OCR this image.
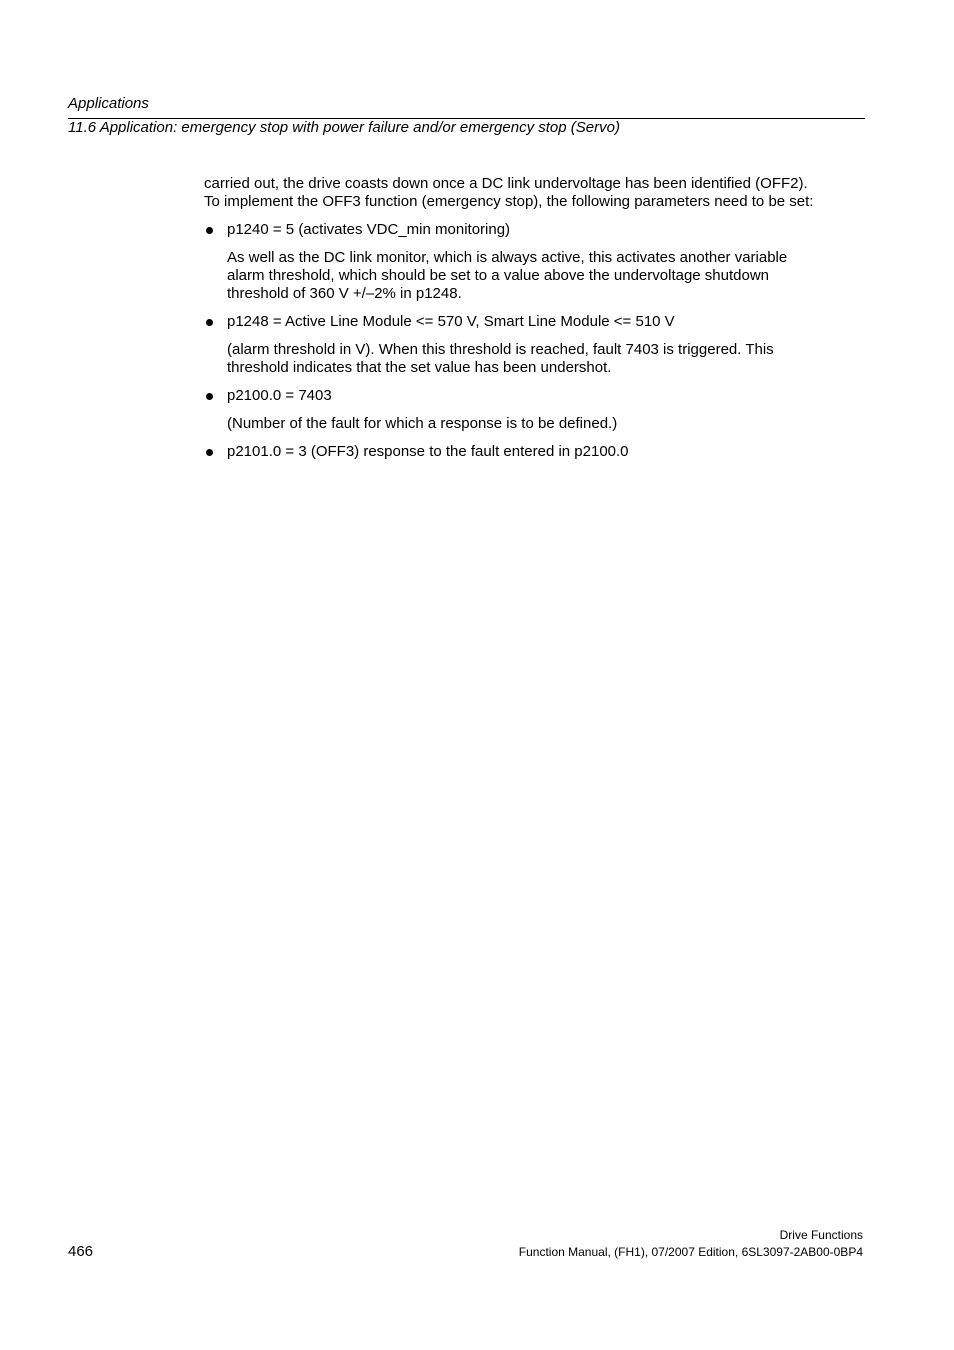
Applications
11.6 Application: emergency stop with power failure and/or emergency stop (Servo)

carried out, the drive coasts down once a DC link undervoltage has been identified (OFF2).

To implement the OFF3 function (emergency stop), the following parameters need to be set:

p1240 = 5 (activates VDC_min monitoring)
As well as the DC link monitor, which is always active, this activates another variable
alarm threshold, which should be set to a value above the undervoltage shutdown
threshold of 360 V +/–2% in p1248.
p1248 = Active Line Module <= 570 V, Smart Line Module <= 510 V
(alarm threshold in V). When this threshold is reached, fault 7403 is triggered. This
threshold indicates that the set value has been undershot.
p2100.0 = 7403
(Number of the fault for which a response is to be defined.)
p2101.0 = 3 (OFF3) response to the fault entered in p2100.0
466
Drive Functions
Function Manual, (FH1), 07/2007 Edition, 6SL3097-2AB00-0BP4
